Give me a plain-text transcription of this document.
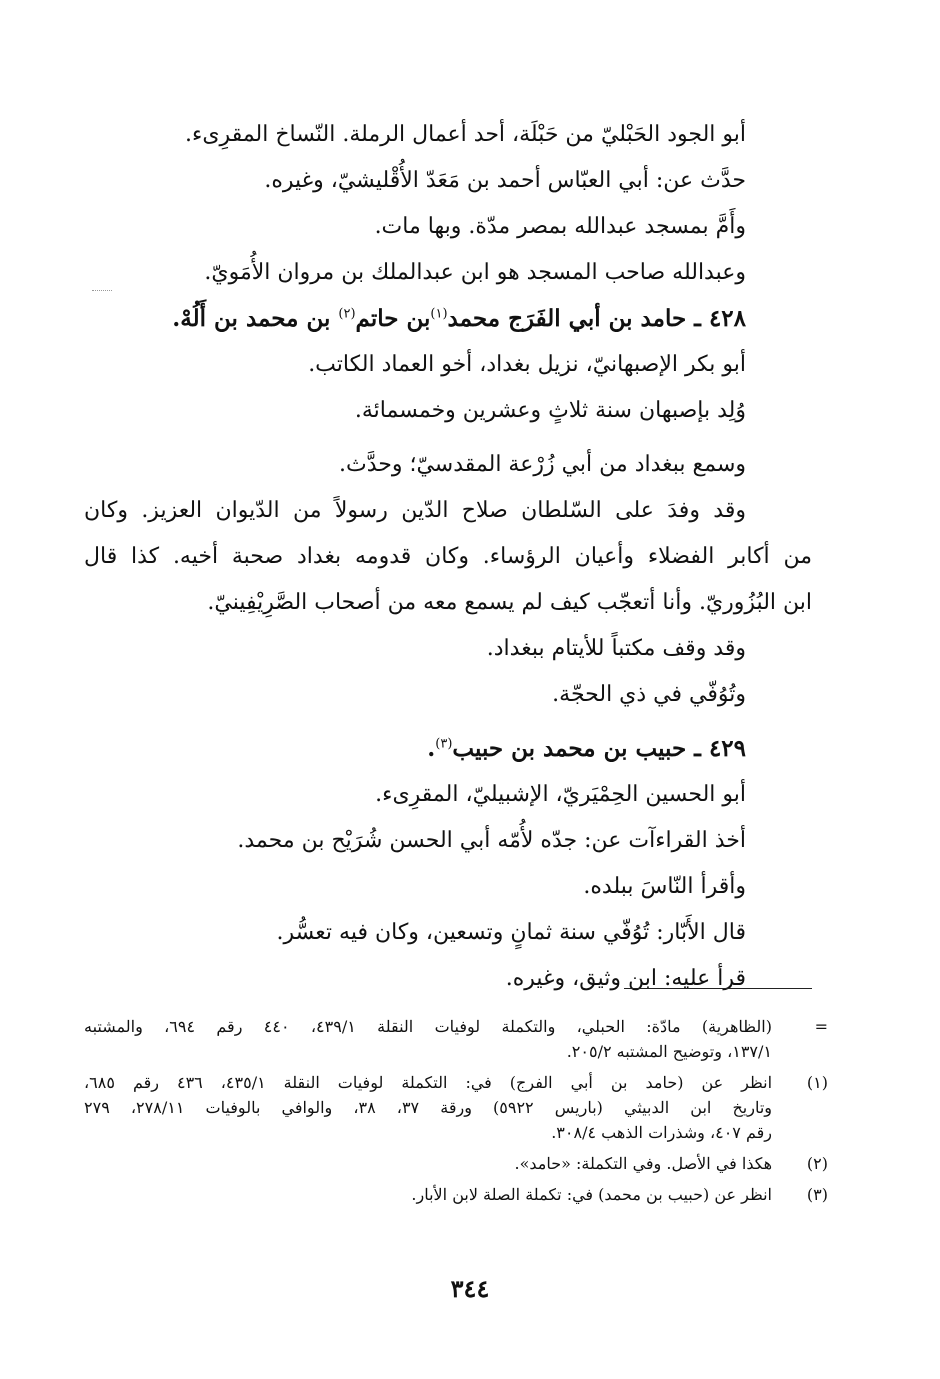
أبو الجود الحَبْليّ من حَبْلَة، أحد أعمال الرملة. النّساخ المقرِىء.
حدَّث عن: أبي العبّاس أحمد بن مَعَدّ الأُقْليشيّ، وغيره.
وأَمَّ بمسجد عبدالله بمصر مدّة. وبها مات.
وعبدالله صاحب المسجد هو ابن عبدالملك بن مروان الأُمَويّ.
٤٢٨ ـ حامد بن أبي الفَرَج محمد$^{(١)}$بن حاتم$^{(٢)}$ بن محمد بن أَلُهْ.
أبو بكر الإصبهانيّ، نزيل بغداد، أخو العماد الكاتب.
وُلِد بإصبهان سنة ثلاثٍ وعشرين وخمسمائة.
وسمع ببغداد من أبي زُرْعة المقدسيّ؛ وحدَّث.
وقد وفدَ على السّلطان صلاح الدّين رسولاً من الدّيوان العزيز. وكان
من أكابر الفضلاء وأعيان الرؤساء. وكان قدومه بغداد صحبة أخيه. كذا قال
ابن البُزُوريّ. وأنا أتعجّب كيف لم يسمع معه من أصحاب الصَّرِيْفِينيّ.
وقد وقف مكتباً للأيتام ببغداد.
وتُوُفّي في ذي الحجّة.
٤٢٩ ـ حبيب بن محمد بن حبيب$^{(٣)}$.
أبو الحسين الحِمْيَريّ، الإشبيليّ، المقرِىء.
أخذ القراءآت عن: جدّه لأُمّه أبي الحسن شُرَيْح بن محمد.
وأقرأ النّاسَ ببلده.
قال الأَبّار: تُوُفّي سنة ثمانٍ وتسعين، وكان فيه تعسُّر.
قرأ عليه: ابن وثيق، وغيره.
=
(الظاهرية) مادّة: الحبلي، والتكملة لوفيات النقلة ٤٣٩/١، ٤٤٠ رقم ٦٩٤، والمشتبه
١٣٧/١، وتوضيح المشتبه ٢٠٥/٢.
(١)
انظر عن (حامد بن أبي الفرج) في: التكملة لوفيات النقلة ٤٣٥/١، ٤٣٦ رقم ٦٨٥،
وتاريخ ابن الدبيثي (باريس ٥٩٢٢) ورقة ٣٧، ٣٨، والوافي بالوفيات ٢٧٨/١١، ٢٧٩
رقم ٤٠٧، وشذرات الذهب ٣٠٨/٤.
(٢)
هكذا في الأصل. وفي التكملة: «حامد».
(٣)
انظر عن (حبيب بن محمد) في: تكملة الصلة لابن الأبار.
٣٤٤
